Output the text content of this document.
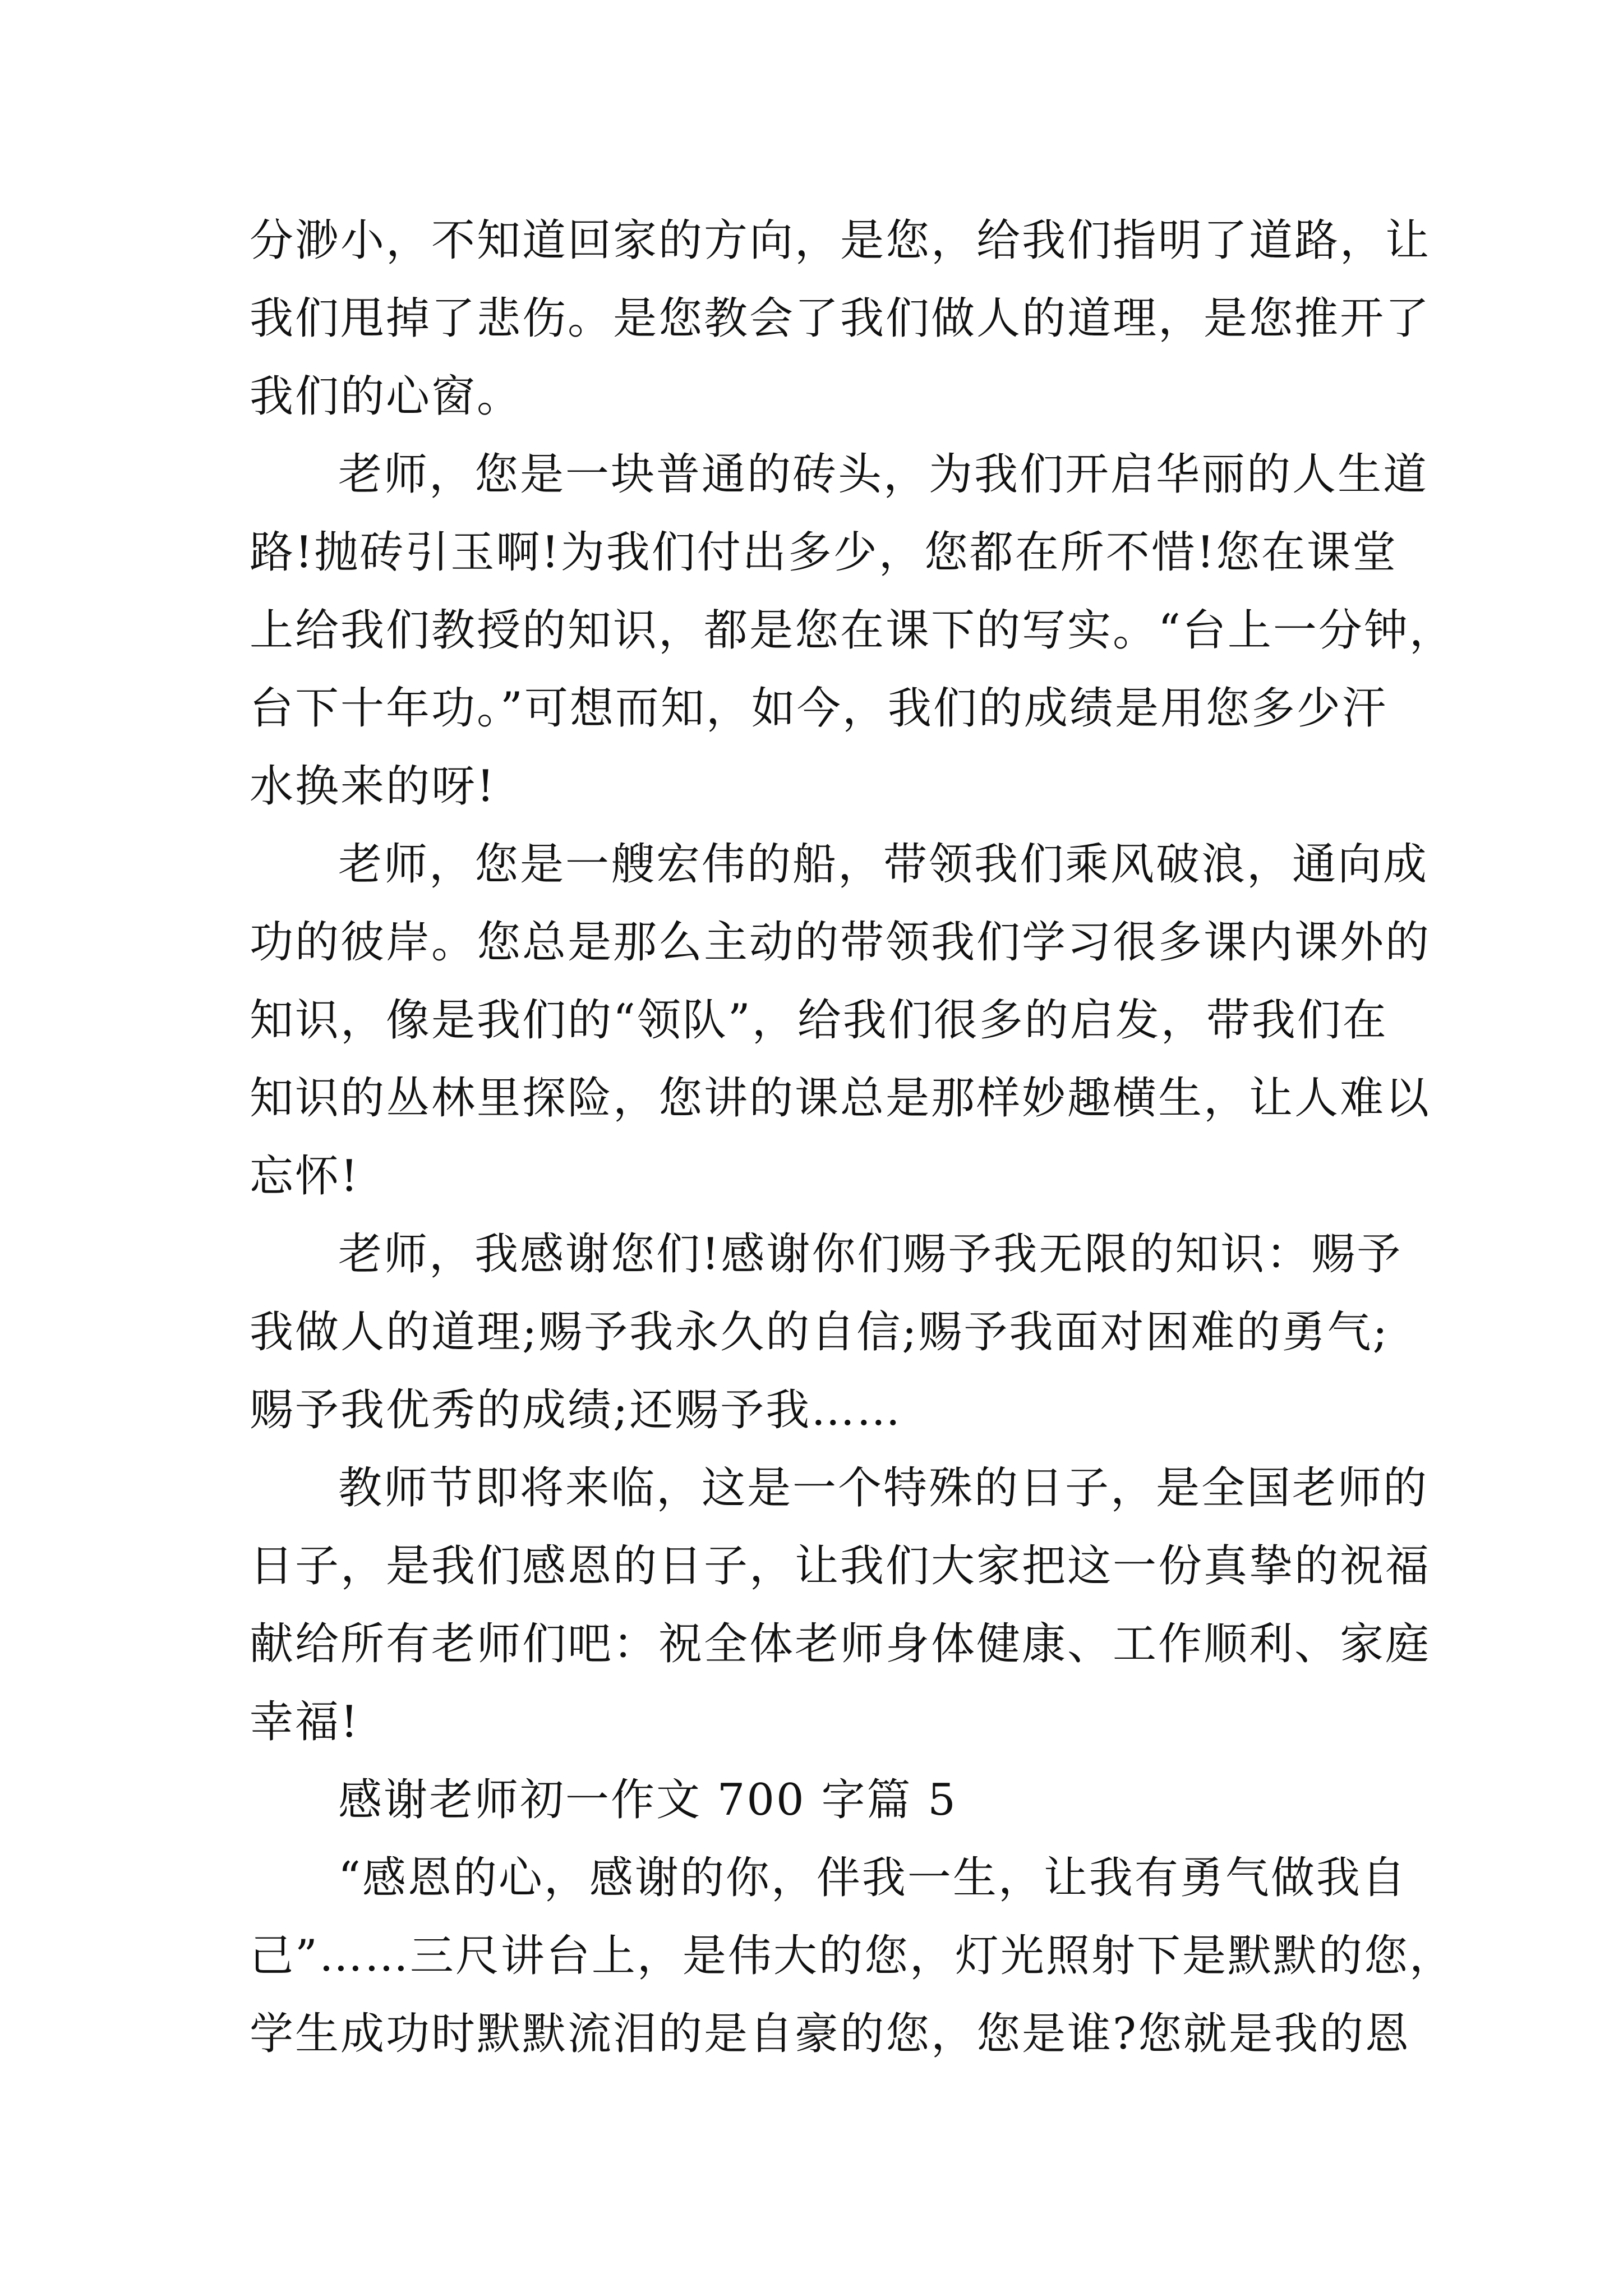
分渺小，不知道回家的方向，是您，给我们指明了道路，让
我们甩掉了悲伤。是您教会了我们做人的道理，是您推开了
我们的心窗。
老师，您是一块普通的砖头，为我们开启华丽的人生道
路!抛砖引玉啊!为我们付出多少，您都在所不惜!您在课堂
上给我们教授的知识，都是您在课下的写实。“台上一分钟，
台下十年功。”可想而知，如今，我们的成绩是用您多少汗
水换来的呀!
老师，您是一艘宏伟的船，带领我们乘风破浪，通向成
功的彼岸。您总是那么主动的带领我们学习很多课内课外的
知识，像是我们的“领队”，给我们很多的启发，带我们在
知识的丛林里探险，您讲的课总是那样妙趣横生，让人难以
忘怀!
老师，我感谢您们!感谢你们赐予我无限的知识：赐予
我做人的道理;赐予我永久的自信;赐予我面对困难的勇气;
赐予我优秀的成绩;还赐予我……
教师节即将来临，这是一个特殊的日子，是全国老师的
日子，是我们感恩的日子，让我们大家把这一份真挚的祝福
献给所有老师们吧：祝全体老师身体健康、工作顺利、家庭
幸福!
感谢老师初一作文 700 字篇 5
“感恩的心，感谢的你，伴我一生，让我有勇气做我自
己”……三尺讲台上，是伟大的您，灯光照射下是默默的您，
学生成功时默默流泪的是自豪的您，您是谁?您就是我的恩
